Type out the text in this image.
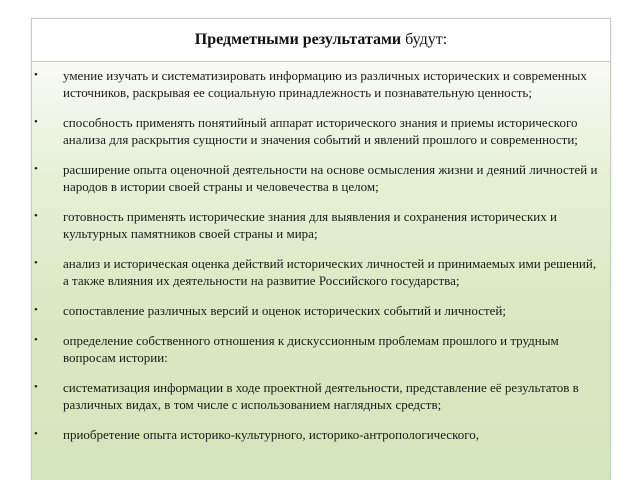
Предметными результатами будут:
• умение изучать и систематизировать информацию из различных исторических и современных источников, раскрывая ее социальную принадлежность и познавательную ценность;
• способность применять понятийный аппарат исторического знания и приемы исторического анализа для раскрытия сущности и значения событий и явлений прошлого и современности;
• расширение опыта оценочной деятельности на основе осмысления жизни и деяний личностей и народов в истории своей страны и человечества в целом;
• готовность применять исторические знания для выявления и сохранения исторических и культурных памятников своей страны и мира;
• анализ и историческая оценка действий исторических личностей и принимаемых ими решений, а также влияния их деятельности на развитие Российского государства;
• сопоставление различных версий и оценок исторических событий и личностей;
• определение собственного отношения к дискуссионным проблемам прошлого и трудным вопросам истории:
• систематизация информации в ходе проектной деятельности, представление её результатов в различных видах, в том числе с использованием наглядных средств;
• приобретение опыта историко-культурного, историко-антропологического,
